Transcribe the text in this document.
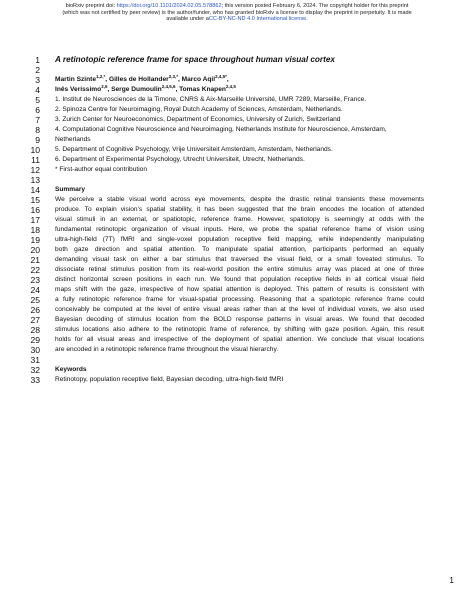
bioRxiv preprint doi: https://doi.org/10.1101/2024.02.05.578862; this version posted February 6, 2024. The copyright holder for this preprint
(which was not certified by peer review) is the author/funder, who has granted bioRxiv a license to display the preprint in perpetuity. It is made
available under aCC-BY-NC-ND 4.0 International license.
1
2
3
4
5
6
7
8
9
10
11
12
13
14
15
16
17
18
19
20
21
22
23
24
25
26
27
28
29
30
31
32
33
A retinotopic reference frame for space throughout human visual cortex
Martin Szinte$^{1,2,*}$, Gilles de Hollander$^{2,3,*}$, Marco Aqil$^{2,4,5*}$,
Inês Veríssimo$^{2,5}$, Serge Dumoulin$^{2,4,5,6}$, Tomas Knapen$^{2,4,5}$
1. Institut de Neurosciences de la Timone, CNRS & Aix-Marseille Université, UMR 7289, Marseille, France.
2. Spinoza Centre for Neuroimaging, Royal Dutch Academy of Sciences, Amsterdam, Netherlands.
3. Zurich Center for Neuroeconomics, Department of Economics, University of Zurich, Switzerland
4. Computational Cognitive Neuroscience and Neuroimaging, Netherlands Institute for Neuroscience, Amsterdam,
Netherlands
5. Department of Cognitive Psychology, Vrije Universiteit Amsterdam, Amsterdam, Netherlands.
6. Department of Experimental Psychology, Utrecht Universiteit, Utrecht, Netherlands.
* First-author equal contribution
Summary
We perceive a stable visual world across eye movements, despite the drastic retinal transients these movements
produce. To explain vision’s spatial stability, it has been suggested that the brain encodes the location of attended
visual stimuli in an external, or spatiotopic, reference frame. However, spatiotopy is seemingly at odds with the
fundamental retinotopic organization of visual inputs. Here, we probe the spatial reference frame of vision using
ultra-high-field (7T) fMRI and single-voxel population receptive field mapping, while independently manipulating
both gaze direction and spatial attention. To manipulate spatial attention, participants performed an equally
demanding visual task on either a bar stimulus that traversed the visual field, or a small foveated stimulus. To
dissociate retinal stimulus position from its real-world position the entire stimulus array was placed at one of three
distinct horizontal screen positions in each run. We found that population receptive fields in all cortical visual field
maps shift with the gaze, irrespective of how spatial attention is deployed. This pattern of results is consistent with
a fully retinotopic reference frame for visual-spatial processing. Reasoning that a spatiotopic reference frame could
conceivably be computed at the level of entire visual areas rather than at the level of individual voxels, we also used
Bayesian decoding of stimulus location from the BOLD response patterns in visual areas. We found that decoded
stimulus locations also adhere to the retinotopic frame of reference, by shifting with gaze position. Again, this result
holds for all visual areas and irrespective of the deployment of spatial attention. We conclude that visual locations
are encoded in a retinotopic reference frame throughout the visual hierarchy.
Keywords
Retinotopy, population receptive field, Bayesian decoding, ultra-high-field fMRI
1
